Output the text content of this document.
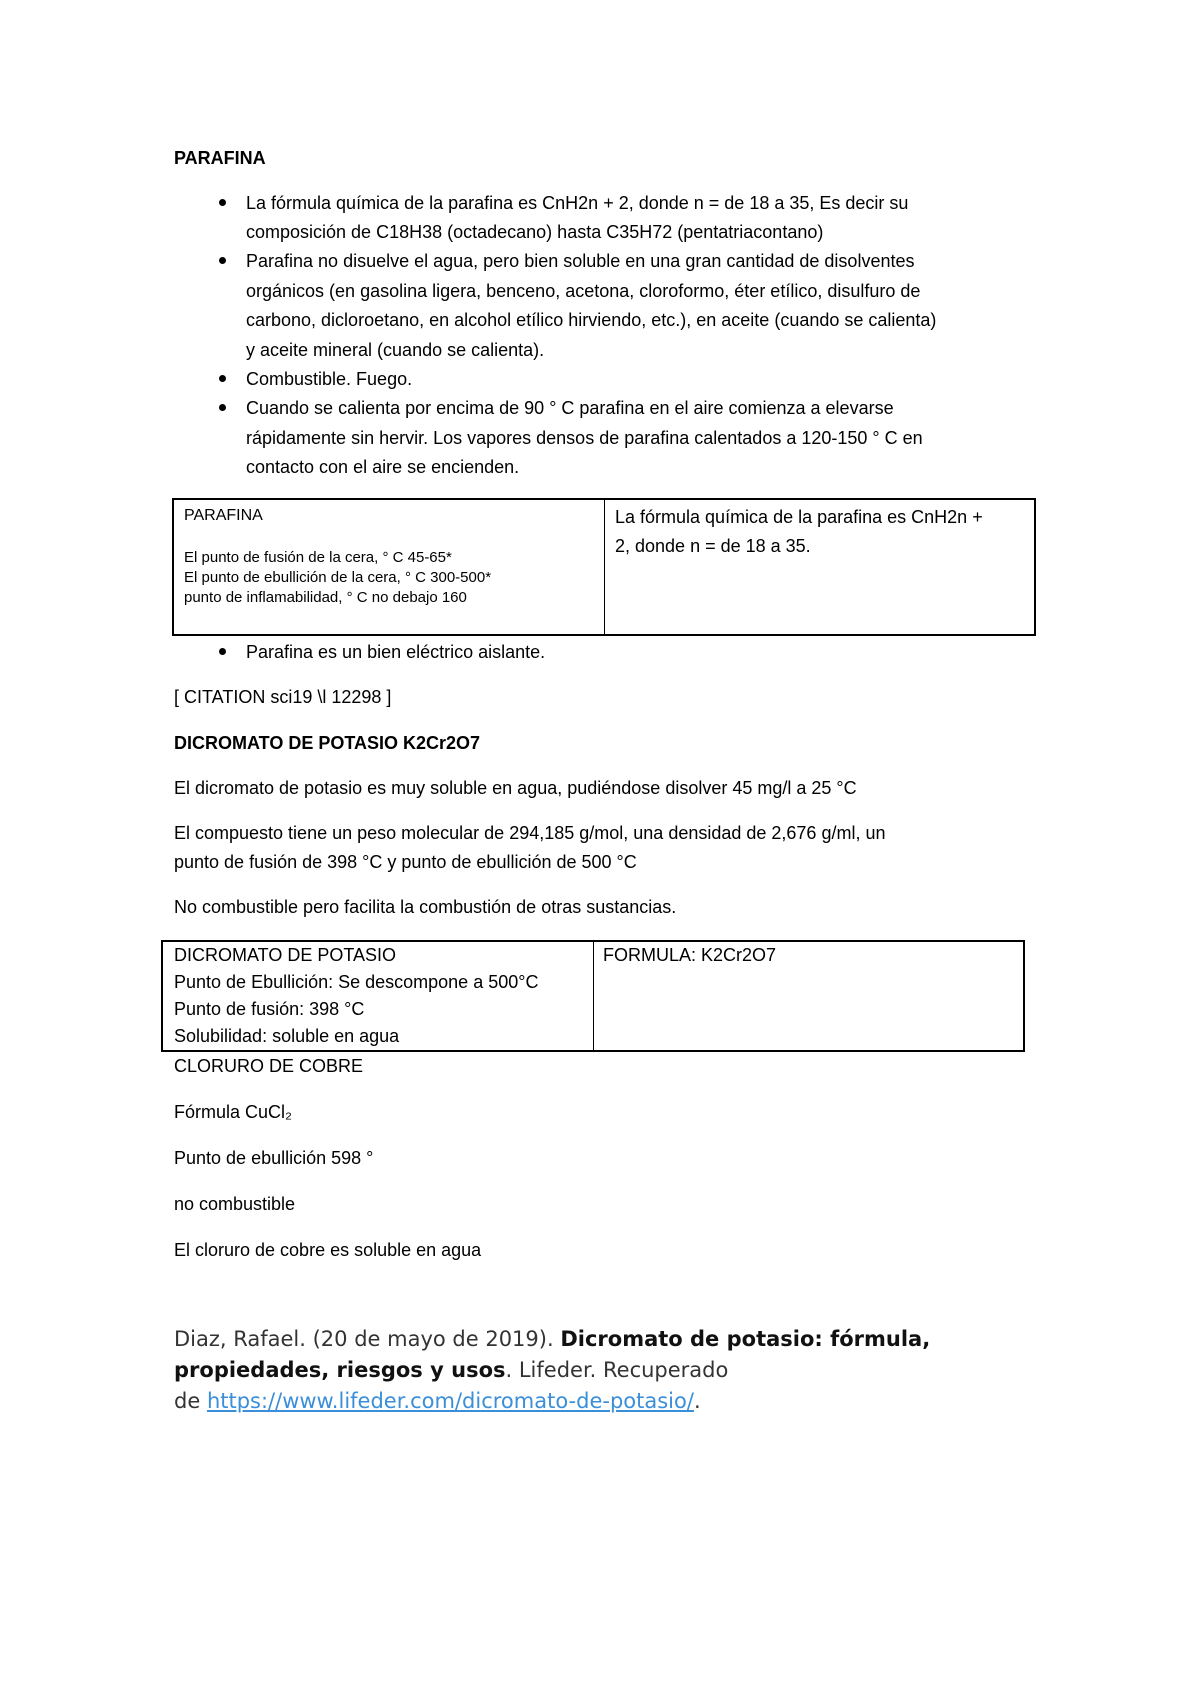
PARAFINA
La fórmula química de la parafina es CnH2n + 2, donde n = de 18 a 35, Es decir su
composición de C18H38 (octadecano) hasta C35H72 (pentatriacontano)
Parafina no disuelve el agua, pero bien soluble en una gran cantidad de disolventes
orgánicos (en gasolina ligera, benceno, acetona, cloroformo, éter etílico, disulfuro de
carbono, dicloroetano, en alcohol etílico hirviendo, etc.), en aceite (cuando se calienta)
y aceite mineral (cuando se calienta).
Combustible. Fuego.
Cuando se calienta por encima de 90 ° C parafina en el aire comienza a elevarse
rápidamente sin hervir. Los vapores densos de parafina calentados a 120-150 ° C en
contacto con el aire se encienden.
PARAFINA
El punto de fusión de la cera, ° C 45-65*
El punto de ebullición de la cera, ° C 300-500*
punto de inflamabilidad, ° C no debajo 160
La fórmula química de la parafina es CnH2n +
2, donde n = de 18 a 35.
Parafina es un bien eléctrico aislante.
[ CITATION sci19 \l 12298 ]
DICROMATO DE POTASIO K2Cr2O7
El dicromato de potasio es muy soluble en agua, pudiéndose disolver 45 mg/l a 25 °C
El compuesto tiene un peso molecular de 294,185 g/mol, una densidad de 2,676 g/ml, un
punto de fusión de 398 °C y punto de ebullición de 500 °C
No combustible pero facilita la combustión de otras sustancias.
DICROMATO DE POTASIO
Punto de Ebullición: Se descompone a 500°C
Punto de fusión: 398 °C
Solubilidad: soluble en agua
FORMULA: K2Cr2O7
CLORURO DE COBRE
Fórmula CuCl₂
Punto de ebullición 598 °
no combustible
El cloruro de cobre es soluble en agua
Diaz, Rafael. (20 de mayo de 2019). Dicromato de potasio: fórmula,
propiedades, riesgos y usos. Lifeder. Recuperado
de https://www.lifeder.com/dicromato-de-potasio/.
